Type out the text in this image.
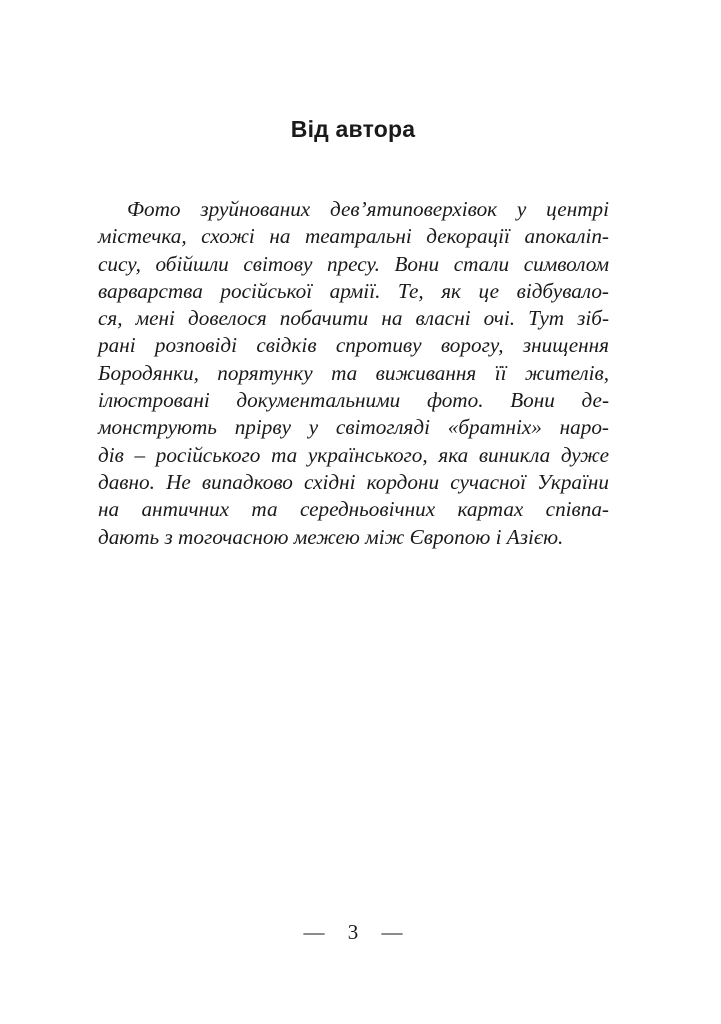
Від автора
Фото зруйнованих дев’ятиповерхівок у центрі
містечка, схожі на театральні декорації апокаліп-
сису, обійшли світову пресу. Вони стали символом
варварства російської армії. Те, як це відбувало-
ся, мені довелося побачити на власні очі. Тут зіб-
рані розповіді свідків спротиву ворогу, знищення
Бородянки, порятунку та виживання її жителів,
ілюстровані документальними фото. Вони де-
монструють прірву у світогляді «братніх» наро-
дів – російського та українського, яка виникла дуже
давно. Не випадково східні кордони сучасної України
на античних та середньовічних картах співпа-
дають з тогочасною межею між Європою і Азією.
— 3 —
